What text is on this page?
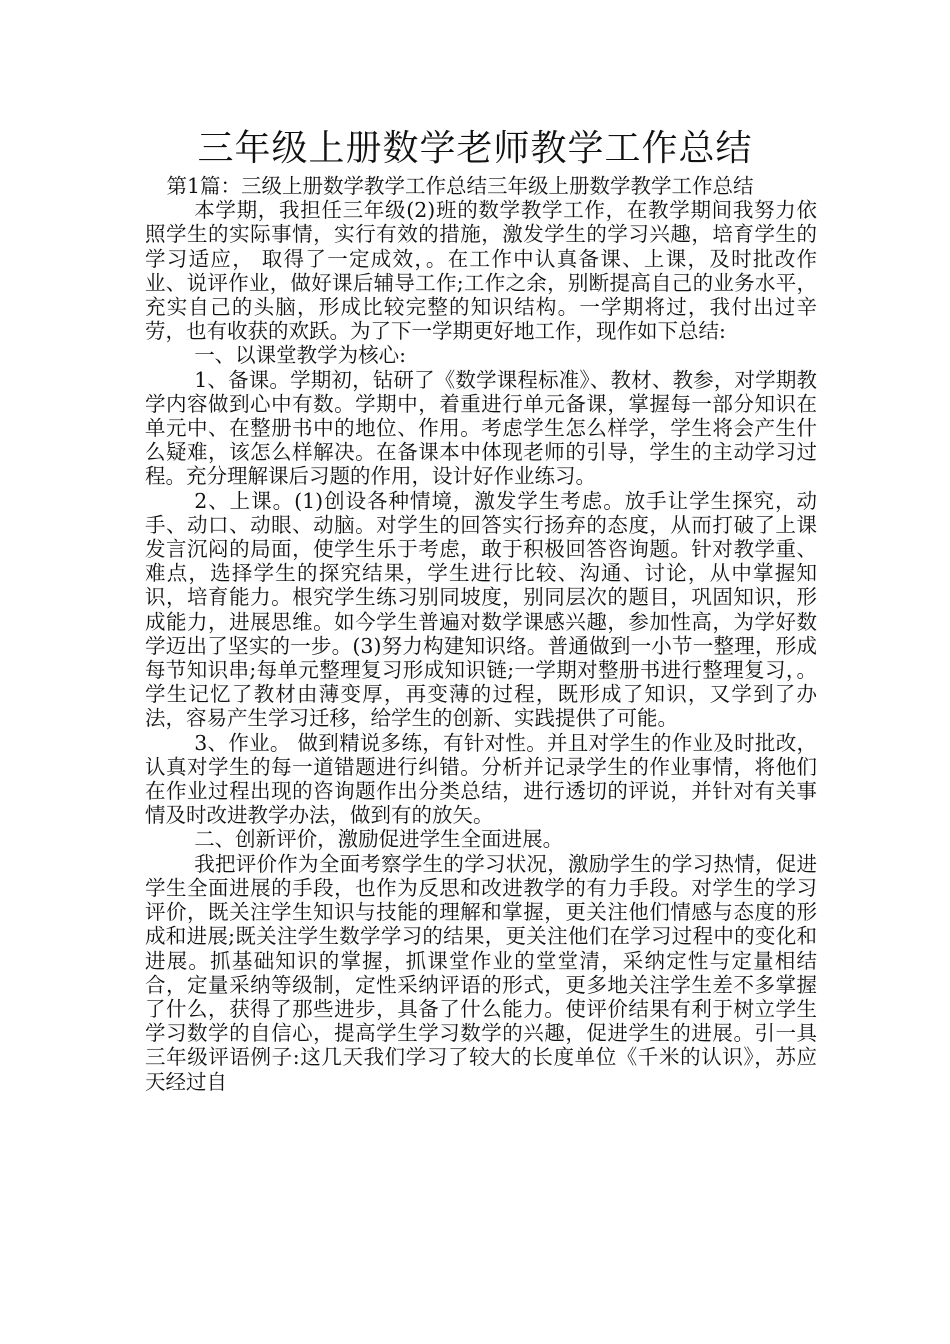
三年级上册数学老师教学工作总结

第1篇：三级上册数学教学工作总结三年级上册数学教学工作总结

本学期，我担任三年级(2)班的数学教学工作，在教学期间我努力依照学生的实际事情，实行有效的措施，激发学生的学习兴趣，培育学生的学习适应， 取得了一定成效，。在工作中认真备课、上课，及时批改作业、说评作业，做好课后辅导工作;工作之余，别断提高自己的业务水平，充实自己的头脑，形成比较完整的知识结构。一学期将过，我付出过辛劳，也有收获的欢跃。为了下一学期更好地工作，现作如下总结:

一、以课堂教学为核心:

1、备课。学期初，钻研了《数学课程标准》、教材、教参，对学期教学内容做到心中有数。学期中，着重进行单元备课，掌握每一部分知识在单元中、在整册书中的地位、作用。考虑学生怎么样学，学生将会产生什么疑难，该怎么样解决。在备课本中体现老师的引导，学生的主动学习过程。充分理解课后习题的作用，设计好作业练习。

2、上课。(1)创设各种情境，激发学生考虑。放手让学生探究，动手、动口、动眼、动脑。对学生的回答实行扬弃的态度，从而打破了上课发言沉闷的局面，使学生乐于考虑，敢于积极回答咨询题。针对教学重、难点，选择学生的探究结果，学生进行比较、沟通、讨论，从中掌握知识，培育能力。根究学生练习别同坡度，别同层次的题目，巩固知识，形成能力，进展思维。如今学生普遍对数学课感兴趣，参加性高，为学好数学迈出了坚实的一步。(3)努力构建知识络。普通做到一小节一整理，形成每节知识串;每单元整理复习形成知识链;一学期对整册书进行整理复习，。学生记忆了教材由薄变厚，再变薄的过程，既形成了知识，又学到了办法，容易产生学习迁移，给学生的创新、实践提供了可能。

3、作业。 做到精说多练，有针对性。并且对学生的作业及时批改，认真对学生的每一道错题进行纠错。分析并记录学生的作业事情，将他们在作业过程出现的咨询题作出分类总结，进行透切的评说，并针对有关事情及时改进教学办法，做到有的放矢。

二、创新评价，激励促进学生全面进展。

我把评价作为全面考察学生的学习状况，激励学生的学习热情，促进学生全面进展的手段，也作为反思和改进教学的有力手段。对学生的学习评价，既关注学生知识与技能的理解和掌握，更关注他们情感与态度的形成和进展;既关注学生数学学习的结果，更关注他们在学习过程中的变化和进展。抓基础知识的掌握，抓课堂作业的堂堂清，采纳定性与定量相结合，定量采纳等级制，定性采纳评语的形式，更多地关注学生差不多掌握了什么，获得了那些进步，具备了什么能力。使评价结果有利于树立学生学习数学的自信心，提高学生学习数学的兴趣，促进学生的进展。引一具三年级评语例子:这几天我们学习了较大的长度单位《千米的认识》，苏应天经过自
